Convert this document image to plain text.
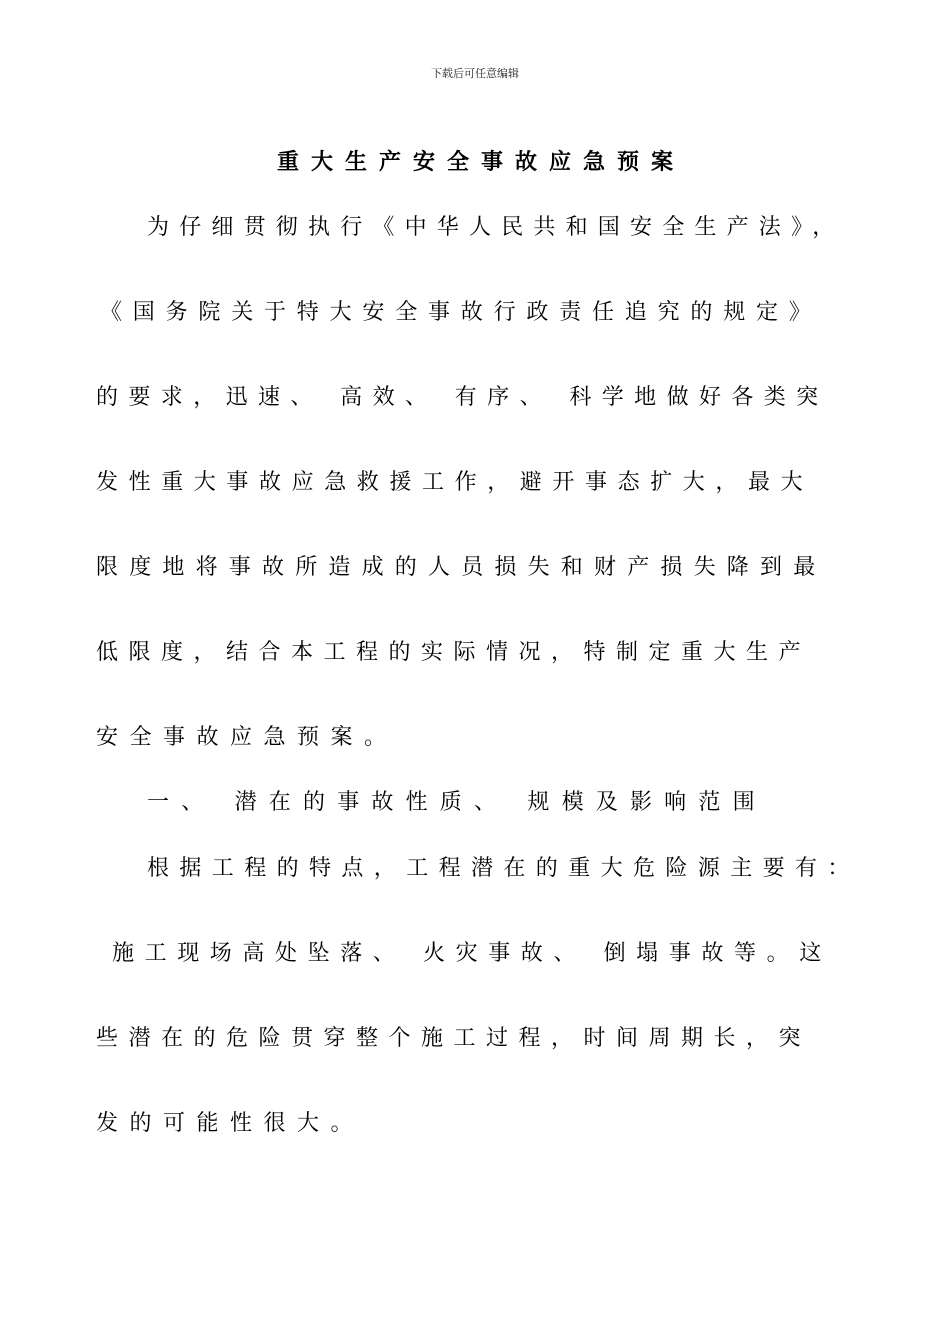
下载后可任意编辑
重大生产安全事故应急预案
为仔细贯彻执行《中华人民共和国安全生产法》，
《国务院关于特大安全事故行政责任追究的规定》
的要求，迅速、 高效、 有序、 科学地做好各类突
发性重大事故应急救援工作，避开事态扩大，最大
限度地将事故所造成的人员损失和财产损失降到最
低限度，结合本工程的实际情况，特制定重大生产
安全事故应急预案。
一、 潜在的事故性质、 规模及影响范围
根据工程的特点，工程潜在的重大危险源主要有：
施工现场高处坠落、 火灾事故、 倒塌事故等。这
些潜在的危险贯穿整个施工过程，时间周期长，突
发的可能性很大。
